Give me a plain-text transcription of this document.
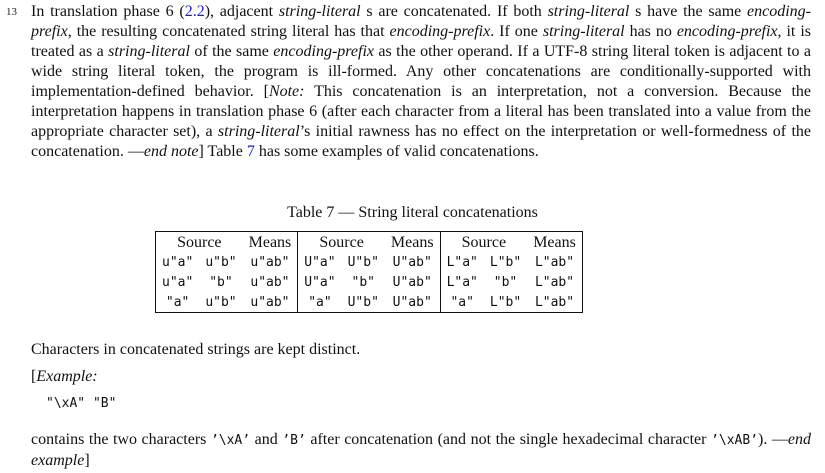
13 In translation phase 6 (2.2), adjacent string-literal s are concatenated. If both string-literal s have the same encoding-prefix, the resulting concatenated string literal has that encoding-prefix. If one string-literal has no encoding-prefix, it is treated as a string-literal of the same encoding-prefix as the other operand. If a UTF-8 string literal token is adjacent to a wide string literal token, the program is ill-formed. Any other concatenations are conditionally-supported with implementation-defined behavior. [Note: This concatenation is an interpretation, not a conversion. Because the interpretation happens in translation phase 6 (after each character from a literal has been translated into a value from the appropriate character set), a string-literal’s initial rawness has no effect on the interpretation or well-formedness of the concatenation. —end note] Table 7 has some examples of valid concatenations.
Table 7 — String literal concatenations
Source		Means	Source		Means	Source		Means
u"a"	u"b"	u"ab"	U"a"	U"b"	U"ab"	L"a"	L"b"	L"ab"
u"a"	"b"	u"ab"	U"a"	"b"	U"ab"	L"a"	"b"	L"ab"
"a"	u"b"	u"ab"	"a"	U"b"	U"ab"	"a"	L"b"	L"ab"
Characters in concatenated strings are kept distinct.
[Example:
"\xA" "B"
contains the two characters ’\xA’ and ’B’ after concatenation (and not the single hexadecimal character ’\xAB’). —end example]
